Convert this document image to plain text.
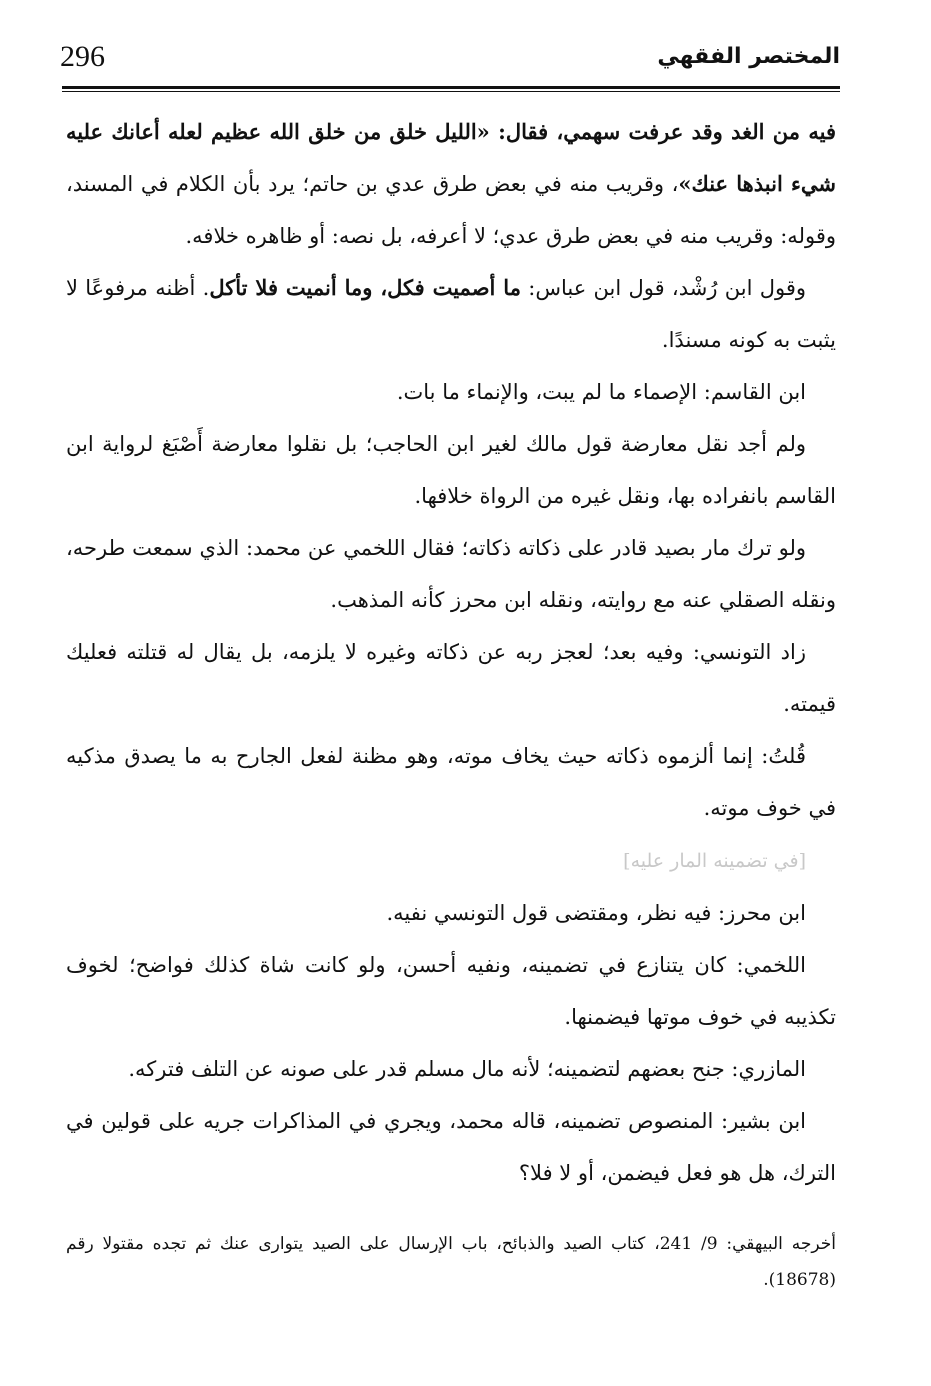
296	المختصر الفقهي

فيه من الغد وقد عرفت سهمي، فقال: «الليل خلق من خلق الله عظيم لعله أعانك عليه شيء انبذها عنك»، وقريب منه في بعض طرق عدي بن حاتم؛ يرد بأن الكلام في المسند، وقوله: وقريب منه في بعض طرق عدي؛ لا أعرفه، بل نصه: أو ظاهره خلافه.

وقول ابن رُشْد، قول ابن عباس: ما أصميت فكل، وما أنميت فلا تأكل. أظنه مرفوعًا لا يثبت به كونه مسندًا.

ابن القاسم: الإصماء ما لم يبت، والإنماء ما بات.

ولم أجد نقل معارضة قول مالك لغير ابن الحاجب؛ بل نقلوا معارضة أَصْبَغ لرواية ابن القاسم بانفراده بها، ونقل غيره من الرواة خلافها.

ولو ترك مار بصيد قادر على ذكاته ذكاته؛ فقال اللخمي عن محمد: الذي سمعت طرحه، ونقله الصقلي عنه مع روايته، ونقله ابن محرز كأنه المذهب.

زاد التونسي: وفيه بعد؛ لعجز ربه عن ذكاته وغيره لا يلزمه، بل يقال له قتلته فعليك قيمته.

قُلتُ: إنما ألزموه ذكاته حيث يخاف موته، وهو مظنة لفعل الجارح به ما يصدق مذكيه في خوف موته.

[في تضمينه المار عليه]

ابن محرز: فيه نظر، ومقتضى قول التونسي نفيه.

اللخمي: كان يتنازع في تضمينه، ونفيه أحسن، ولو كانت شاة كذلك فواضح؛ لخوف تكذيبه في خوف موتها فيضمنها.

المازري: جنح بعضهم لتضمينه؛ لأنه مال مسلم قدر على صونه عن التلف فتركه.

ابن بشير: المنصوص تضمينه، قاله محمد، ويجري في المذاكرات جريه على قولين في الترك، هل هو فعل فيضمن، أو لا فلا؟

أخرجه البيهقي: 9/ 241، كتاب الصيد والذبائح، باب الإرسال على الصيد يتوارى عنك ثم تجده مقتولا رقم (18678).
